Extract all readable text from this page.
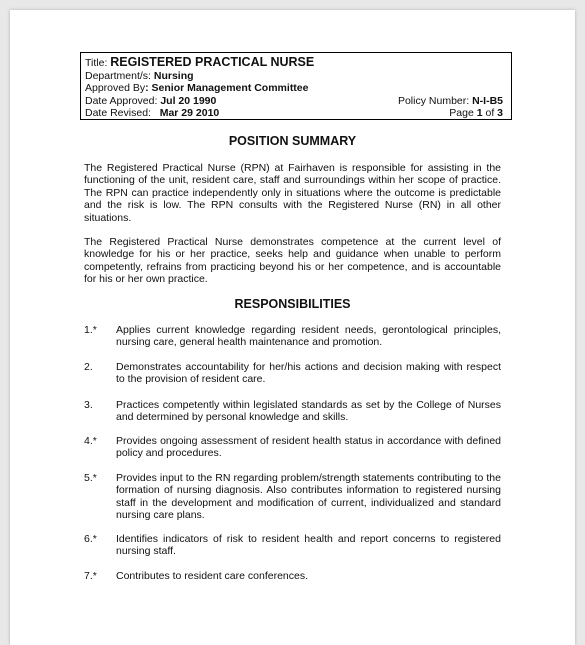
Title: REGISTERED PRACTICAL NURSE
Department/s: Nursing
Approved By: Senior Management Committee
Date Approved: Jul 20 1990	Policy Number: N-I-B5
Date Revised:   Mar 29 2010	Page 1 of 3
POSITION SUMMARY
The Registered Practical Nurse (RPN) at Fairhaven is responsible for assisting in the functioning of the unit, resident care, staff and surroundings within her scope of practice. The RPN can practice independently only in situations where the outcome is predictable and the risk is low. The RPN consults with the Registered Nurse (RN) in all other situations.
The Registered Practical Nurse demonstrates competence at the current level of knowledge for his or her practice, seeks help and guidance when unable to perform competently, refrains from practicing beyond his or her competence, and is accountable for his or her own practice.
RESPONSIBILITIES
1.* Applies current knowledge regarding resident needs, gerontological principles, nursing care, general health maintenance and promotion.
2. Demonstrates accountability for her/his actions and decision making with respect to the provision of resident care.
3. Practices competently within legislated standards as set by the College of Nurses and determined by personal knowledge and skills.
4.* Provides ongoing assessment of resident health status in accordance with defined policy and procedures.
5.* Provides input to the RN regarding problem/strength statements contributing to the formation of nursing diagnosis. Also contributes information to registered nursing staff in the development and modification of current, individualized and standard nursing care plans.
6.* Identifies indicators of risk to resident health and report concerns to registered nursing staff.
7.* Contributes to resident care conferences.
